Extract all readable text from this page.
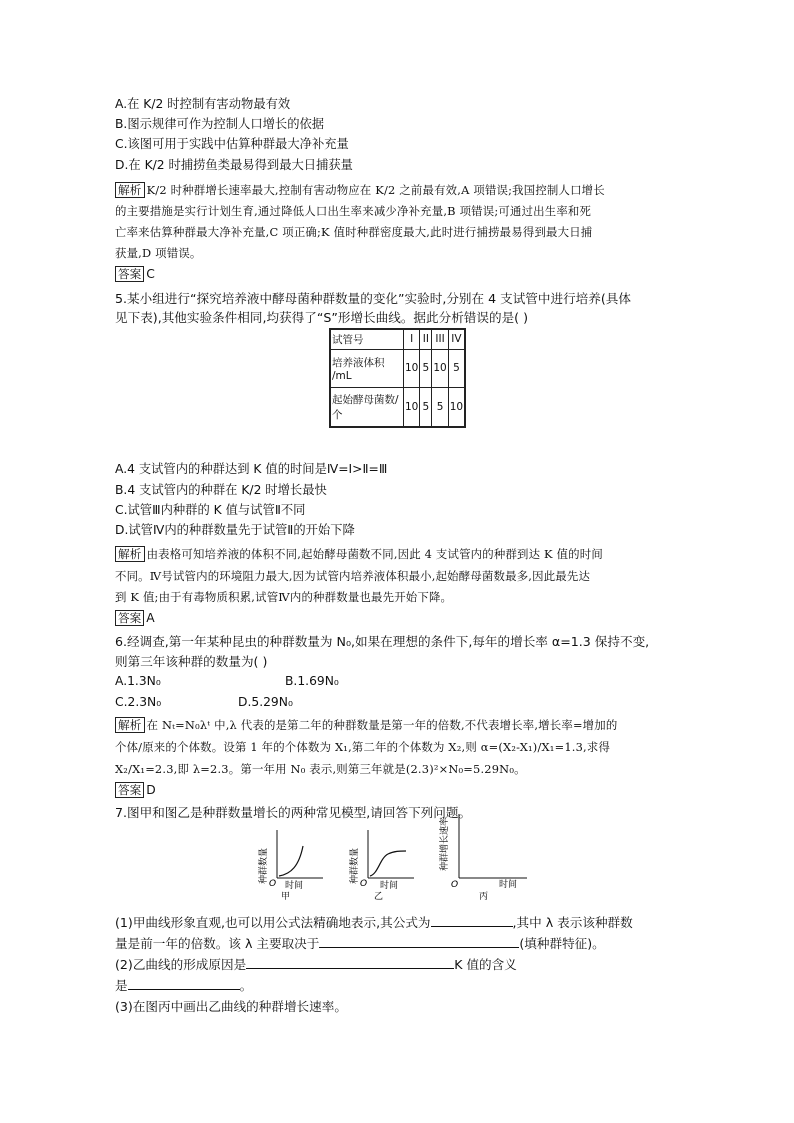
A.在 K/2 时控制有害动物最有效
B.图示规律可作为控制人口增长的依据
C.该图可用于实践中估算种群最大净补充量
D.在 K/2 时捕捞鱼类最易得到最大日捕获量
解析 K/2 时种群增长速率最大,控制有害动物应在 K/2 之前最有效,A 项错误;我国控制人口增长
的主要措施是实行计划生育,通过降低人口出生率来减少净补充量,B 项错误;可通过出生率和死
亡率来估算种群最大净补充量,C 项正确;K 值时种群密度最大,此时进行捕捞最易得到最大日捕
获量,D 项错误。
答案 C
5.某小组进行“探究培养液中酵母菌种群数量的变化”实验时,分别在 4 支试管中进行培养(具体
见下表),其他实验条件相同,均获得了“S”形增长曲线。据此分析错误的是( )
试管号	I	II	III	IV
培养液体积
/mL	10	5	10	5
起始酵母菌数/
个	10	5	5	10
A.4 支试管内的种群达到 K 值的时间是Ⅳ=Ⅰ>Ⅱ=Ⅲ
B.4 支试管内的种群在 K/2 时增长最快
C.试管Ⅲ内种群的 K 值与试管Ⅱ不同
D.试管Ⅳ内的种群数量先于试管Ⅱ的开始下降
解析 由表格可知培养液的体积不同,起始酵母菌数不同,因此 4 支试管内的种群到达 K 值的时间
不同。Ⅳ号试管内的环境阻力最大,因为试管内培养液体积最小,起始酵母菌数最多,因此最先达
到 K 值;由于有毒物质积累,试管Ⅳ内的种群数量也最先开始下降。
答案 A
6.经调查,第一年某种昆虫的种群数量为 N₀,如果在理想的条件下,每年的增长率 α=1.3 保持不变,
则第三年该种群的数量为( )
A.1.3N₀	B.1.69N₀
C.2.3N₀	D.5.29N₀
解析 在 Nₜ=N₀λᵗ 中,λ 代表的是第二年的种群数量是第一年的倍数,不代表增长率,增长率=增加的
个体/原来的个体数。设第 1 年的个体数为 X₁,第二年的个体数为 X₂,则 α=(X₂-X₁)/X₁=1.3,求得
X₂/X₁=2.3,即 λ=2.3。第一年用 N₀ 表示,则第三年就是(2.3)²×N₀=5.29N₀。
答案 D
7.图甲和图乙是种群数量增长的两种常见模型,请回答下列问题。
种群数量 O 时间
甲
种群数量 O 时间
乙
种群增长速率
O	时间
丙
(1)甲曲线形象直观,也可以用公式法精确地表示,其公式为	,其中 λ 表示该种群数
量是前一年的倍数。该 λ 主要取决于	(填种群特征)。
(2)乙曲线的形成原因是	K 值的含义
是	。
(3)在图丙中画出乙曲线的种群增长速率。
